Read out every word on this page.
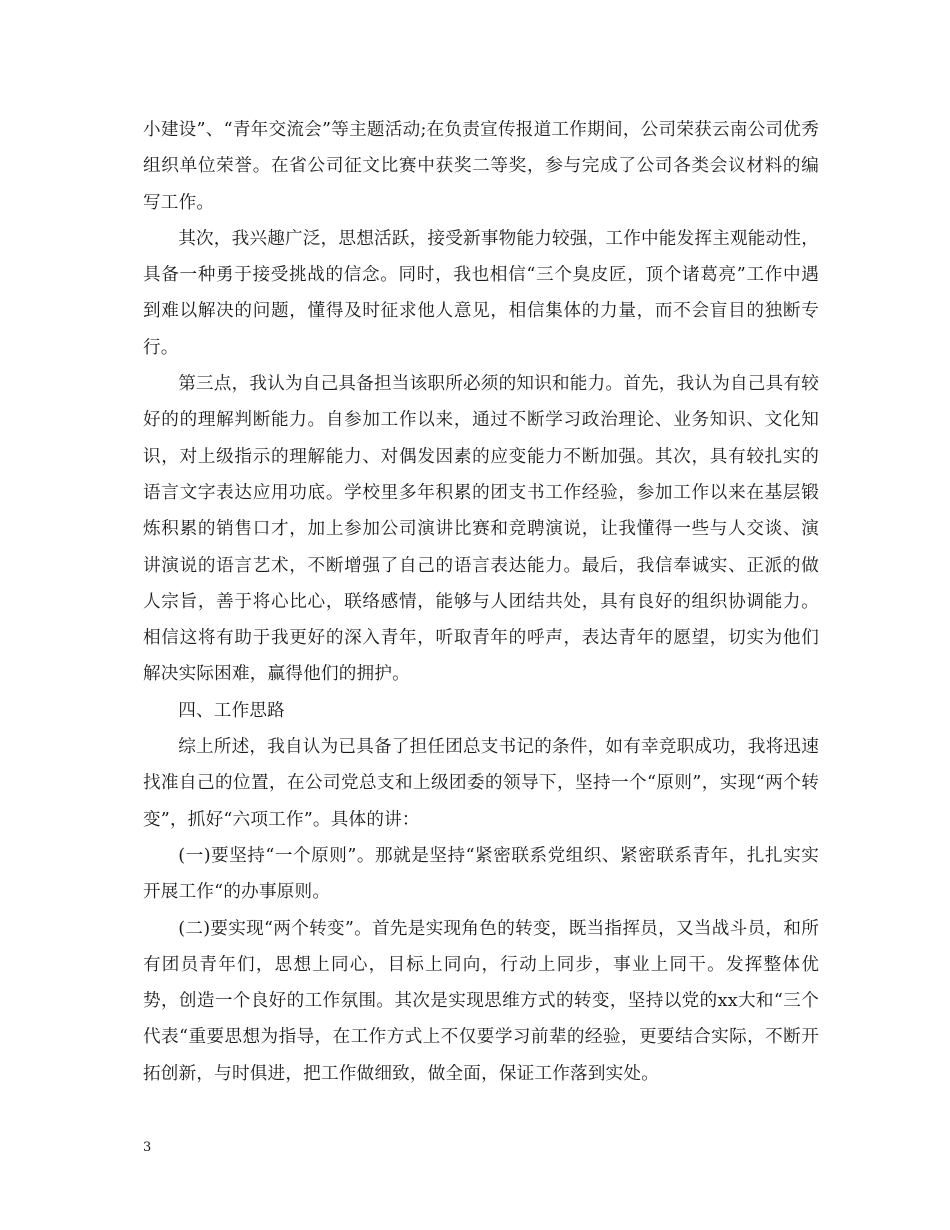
小建设”、“青年交流会”等主题活动;在负责宣传报道工作期间，公司荣获云南公司优秀组织单位荣誉。在省公司征文比赛中获奖二等奖，参与完成了公司各类会议材料的编写工作。

其次，我兴趣广泛，思想活跃，接受新事物能力较强，工作中能发挥主观能动性，具备一种勇于接受挑战的信念。同时，我也相信“三个臭皮匠，顶个诸葛亮”工作中遇到难以解决的问题，懂得及时征求他人意见，相信集体的力量，而不会盲目的独断专行。

第三点，我认为自己具备担当该职所必须的知识和能力。首先，我认为自己具有较好的的理解判断能力。自参加工作以来，通过不断学习政治理论、业务知识、文化知识，对上级指示的理解能力、对偶发因素的应变能力不断加强。其次，具有较扎实的语言文字表达应用功底。学校里多年积累的团支书工作经验，参加工作以来在基层锻炼积累的销售口才，加上参加公司演讲比赛和竞聘演说，让我懂得一些与人交谈、演讲演说的语言艺术，不断增强了自己的语言表达能力。最后，我信奉诚实、正派的做人宗旨，善于将心比心，联络感情，能够与人团结共处，具有良好的组织协调能力。相信这将有助于我更好的深入青年，听取青年的呼声，表达青年的愿望，切实为他们解决实际困难，赢得他们的拥护。

四、工作思路

综上所述，我自认为已具备了担任团总支书记的条件，如有幸竞职成功，我将迅速找准自己的位置，在公司党总支和上级团委的领导下，坚持一个“原则”，实现“两个转变”，抓好“六项工作”。具体的讲：

(一)要坚持“一个原则”。那就是坚持“紧密联系党组织、紧密联系青年，扎扎实实开展工作“的办事原则。

(二)要实现“两个转变”。首先是实现角色的转变，既当指挥员，又当战斗员，和所有团员青年们，思想上同心，目标上同向，行动上同步，事业上同干。发挥整体优势，创造一个良好的工作氛围。其次是实现思维方式的转变，坚持以党的xx大和“三个代表“重要思想为指导，在工作方式上不仅要学习前辈的经验，更要结合实际，不断开拓创新，与时俱进，把工作做细致，做全面，保证工作落到实处。

3
